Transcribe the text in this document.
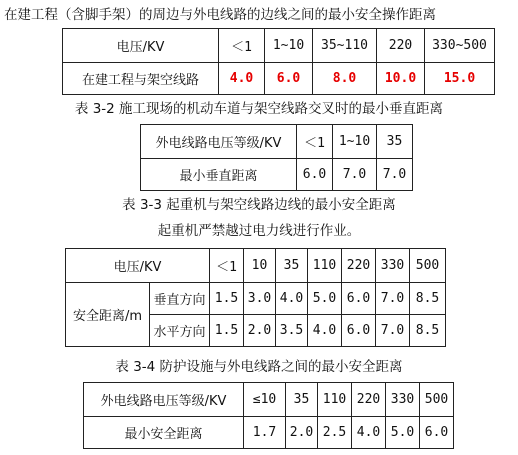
在建工程（含脚手架）的周边与外电线路的边线之间的最小安全操作距离
电压/KV	＜1	1~10	35~110	220	330~500
在建工程与架空线路	4.0	6.0	8.0	10.0	15.0
表 3-2 施工现场的机动车道与架空线路交叉时的最小垂直距离
外电线路电压等级/KV	＜1	1~10	35
最小垂直距离	6.0	7.0	7.0
表 3-3 起重机与架空线路边线的最小安全距离
起重机严禁越过电力线进行作业。
电压/KV		＜1	10	35	110	220	330	500
安全距离/m	垂直方向	1.5	3.0	4.0	5.0	6.0	7.0	8.5
	水平方向	1.5	2.0	3.5	4.0	6.0	7.0	8.5
表 3-4 防护设施与外电线路之间的最小安全距离
外电线路电压等级/KV	≤10	35	110	220	330	500
最小安全距离	1.7	2.0	2.5	4.0	5.0	6.0
